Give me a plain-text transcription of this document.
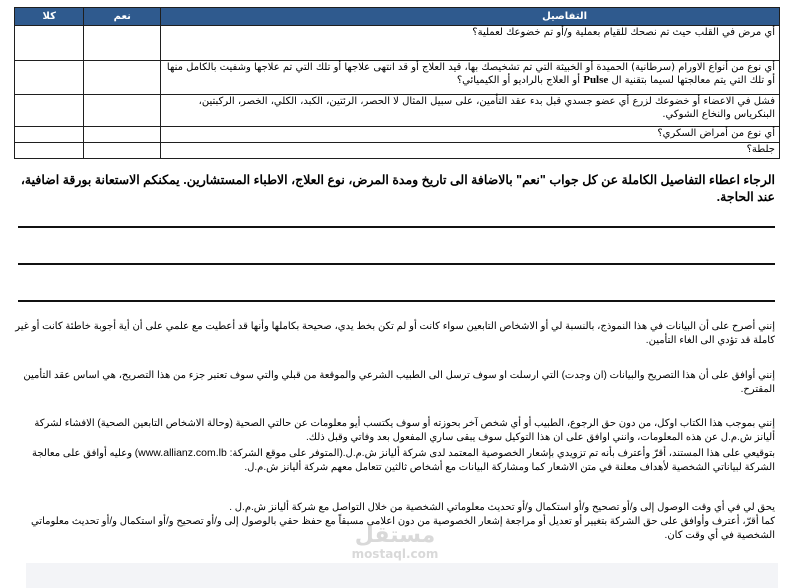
التفاصيل	نعم	كلا
أي مرض في القلب حيث تم نصحك للقيام بعملية و/أو تم خضوعك لعملية؟		
أي نوع من أنواع الاورام (سرطانية) الحميدة أو الخبيثة التي تم تشخيصك بها، قيد العلاج أو قد انتهى علاجها أو تلك التي تم علاجها وشفيت بالكامل منها أو تلك التي يتم معالجتها لسيما بتقنية ال Pulse أو العلاج بالراديو أو الكيميائي؟		
فشل في الاعضاء أو خضوعك لزرع أي عضو جسدي قبل بدء عقد التأمين، على سبيل المثال لا الحصر، الرئتين، الكبد، الكلي، الخصر، الركبتين، البنكرياس والنخاع الشوكي.		
أي نوع من أمراض السكري؟		
جلطة؟		
الرجاء اعطاء التفاصيل الكاملة عن كل جواب "نعم" بالاضافة الى تاريخ ومدة المرض، نوع العلاج، الاطباء المستشارين. يمكنكم الاستعانة بورقة اضافية، عند الحاجة.
إنني أصرح على أن البيانات في هذا النموذج، بالنسبة لي أو الاشخاص التابعين سواء كانت أو لم تكن بخط يدي، صحيحة بكاملها وأنها قد أعطيت مع علمي على أن أية أجوبة خاطئة كانت أو غير كاملة قد تؤدي الى الغاء التأمين.
إنني أوافق على أن هذا التصريح والبيانات (ان وجدت) التي ارسلت او سوف ترسل الى الطبيب الشرعي والموقعة من قبلي والتي سوف تعتبر جزء من هذا التصريح، هي اساس عقد التأمين المقترح.
إنني بموجب هذا الكتاب اوكل، من دون حق الرجوع، الطبيب أو أي شخص آخر بحوزته أو سوف يكتسب أيو معلومات عن حالتي الصحية (وحالة الاشخاص التابعين الصحية) الافشاء لشركة أليانز ش.م.ل عن هذه المعلومات، وانني اوافق على ان هذا التوكيل سوف يبقى ساري المفعول بعد وفاتي وقبل ذلك.
بتوقيعي على هذا المستند، أقرّ وأعترف بأنه تم تزويدي بإشعار الخصوصية المعتمد لدى شركة أليانز ش.م.ل.(المتوفر على موقع الشركة: www.allianz.com.lb) وعليه أوافق على معالجة الشركة لبياناتي الشخصية لأهداف معلنة في متن الاشعار كما ومشاركة البيانات مع أشخاص ثالثين تتعامل معهم شركة أليانز ش.م.ل.
يحق لي في أي وقت الوصول إلى و/أو تصحيح و/أو استكمال و/أو تحديث معلوماتي الشخصية من خلال التواصل مع شركة أليانز ش.م.ل .
كما أقرّ، أعترف وأوافق على حق الشركة بتغيير أو تعديل أو مراجعة إشعار الخصوصية من دون اعلامي مسبقاً مع حفظ حقي بالوصول إلى و/أو تصحيح و/أو استكمال و/أو تحديث معلوماتي الشخصية في أي وقت كان.
مستقل
mostaql.com
